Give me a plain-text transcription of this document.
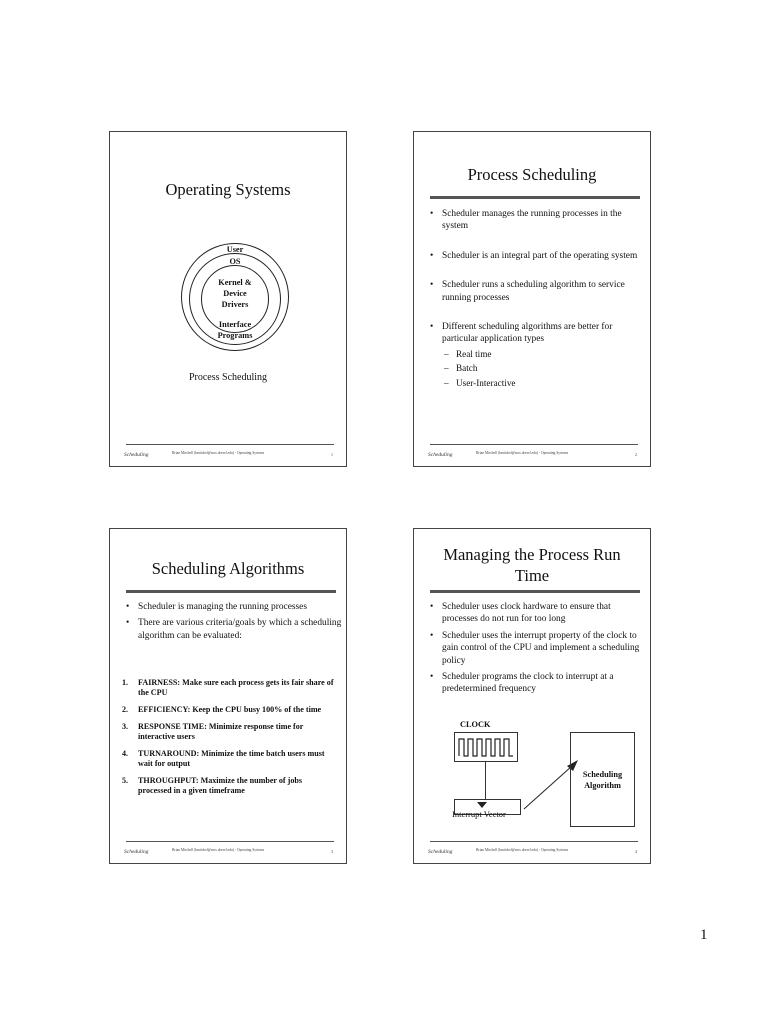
Operating Systems
User
OS
Kernel &
Device
Drivers
Interface
Programs
Process Scheduling
Scheduling	Brian Mitchell (bmitchel@mcs.drexel.edu) - Operating Systems	1
Process Scheduling
• Scheduler manages the running processes in the system
• Scheduler is an integral part of the operating system
• Scheduler runs a scheduling algorithm to service running processes
• Different scheduling algorithms are better for particular application types
– Real time
– Batch
– User-Interactive
Scheduling	Brian Mitchell (bmitchel@mcs.drexel.edu) - Operating Systems	2
Scheduling Algorithms
• Scheduler is managing the running processes
• There are various criteria/goals by which a scheduling algorithm can be evaluated:
1. FAIRNESS: Make sure each process gets its fair share of the CPU
2. EFFICIENCY: Keep the CPU busy 100% of the time
3. RESPONSE TIME: Minimize response time for interactive users
4. TURNAROUND: Minimize the time batch users must wait for output
5. THROUGHPUT: Maximize the number of jobs processed in a given timeframe
Scheduling	Brian Mitchell (bmitchel@mcs.drexel.edu) - Operating Systems	3
Managing the Process Run Time
• Scheduler uses clock hardware to ensure that processes do not run for too long
• Scheduler uses the interrupt property of the clock to gain control of the CPU and implement a scheduling policy
• Scheduler programs the clock to interrupt at a predetermined frequency
CLOCK
Interrupt Vector
Scheduling Algorithm
Scheduling	Brian Mitchell (bmitchel@mcs.drexel.edu) - Operating Systems	4
1
